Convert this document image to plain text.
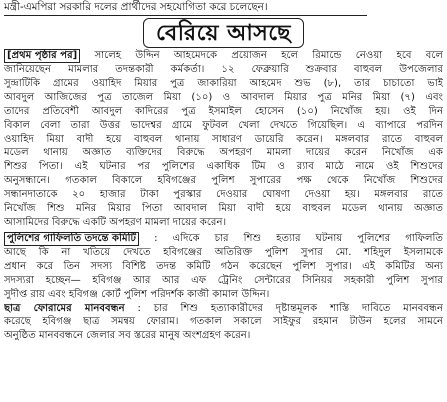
মন্ত্রী-এমপিরা সরকারি দলের প্রার্থীদের সহযোগিতা করে চলেছেন।
বেরিয়ে আসছে
[প্রথম পৃষ্ঠার পর] সালেহ উদ্দিন আহমেদকে প্রয়োজন হলে রিমান্ডে নেওয়া হবে বলে
জানিয়েছেন মামলার তদন্তকারী কর্মকর্তা। ১২ ফেব্রুয়ারি শুক্রবার বাহুবল উপজেলার
সুন্দ্রাটিকি গ্রামের ওয়াহিদ মিয়ার পুত্র জাকারিয়া আহমেদ শুভ (৮), তার চাচাতো ভাই
আবদুল আজিজের পুত্র তাজেল মিয়া (১০) ও আবদাল মিয়ার পুত্র মনির মিয়া (৭) এবং
তাদের প্রতিবেশী আবদুল কাদিরের পুত্র ইসমাইল হোসেন (১০) নিখোঁজ হয়। ওই দিন
বিকাল বেলা তারা উত্তর ভাদেশ্বর গ্রামে ফুটবল খেলা দেখতে গিয়েছিল। এ ব্যাপারে পরদিন
ওয়াহিদ মিয়া বাদী হয়ে বাহুবল থানায় সাধারণ ডায়েরি করেন। মঙ্গলবার রাতে বাহুবল
মডেল থানায় অজ্ঞাত ব্যক্তিদের বিরুদ্ধে অপহরণ মামলা দায়ের করেন নিখোঁজ এক
শিশুর পিতা। এই ঘটনার পর পুলিশের একাধিক টিম ও র‌্যাব মাঠে নামে ওই শিশুদের
অনুসন্ধানে। গতকাল বিকালে হবিগঞ্জের পুলিশ সুপারের পক্ষ থেকে নিখোঁজ শিশুদের
সন্ধানদাতাকে ২০ হাজার টাকা পুরস্কার দেওয়ার ঘোষণা দেওয়া হয়। মঙ্গলবার রাতে
নিখোঁজ শিশু মনির মিয়ার পিতা আবদাল মিয়া বাদী হয়ে বাহুবল মডেল থানায় অজ্ঞাত
আসামিদের বিরুদ্ধে একটি অপহরণ মামলা দায়ের করেন।
পুলিশের গাফিলতি তদন্তে কমিটি : এদিকে চার শিশু হত্যার ঘটনায় পুলিশের গাফিলতি
আছে কি না খতিয়ে দেখতে হবিগঞ্জের অতিরিক্ত পুলিশ সুপার মো. শহিদুল ইসলামকে
প্রধান করে তিন সদস্য বিশিষ্ট তদন্ত কমিটি গঠন করেছেন পুলিশ সুপার। এই কমিটির অন্য
সদস্যরা হচ্ছেন— হবিগঞ্জ আর আর এফ ট্রেনিং সেন্টারের সিনিয়র সহকারী পুলিশ সুপার
সুদীপ্ত রায় এবং হবিগঞ্জ কোর্ট পুলিশ পরিদর্শক কাজী কামাল উদ্দিন।
ছাত্র ফোরামের মানববন্ধন : চার শিশু হত্যাকারীদের দৃষ্টান্তমূলক শাস্তি দাবিতে মানববন্ধন
করেছে হবিগঞ্জ ছাত্র সমন্বয় ফোরাম। গতকাল সকালে সাইফুর রহমান টাউন হলের সামনে
অনুষ্ঠিত মানববন্ধনে জেলার সব স্তরের মানুষ অংশগ্রহণ করেন।
